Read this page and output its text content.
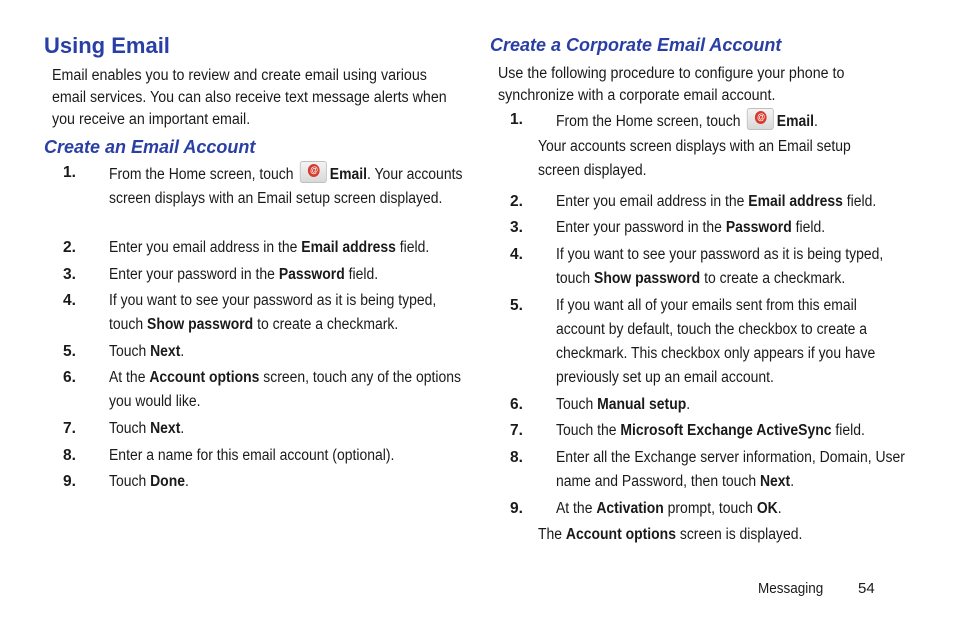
Using Email

Email enables you to review and create email using various email services. You can also receive text message alerts when you receive an important email.

Create an Email Account
1. From the Home screen, touch @Email. Your accounts screen displays with an Email setup screen displayed.
2. Enter you email address in the Email address field.
3. Enter your password in the Password field.
4. If you want to see your password as it is being typed, touch Show password to create a checkmark.
5. Touch Next.
6. At the Account options screen, touch any of the options you would like.
7. Touch Next.
8. Enter a name for this email account (optional).
9. Touch Done.
Create a Corporate Email Account

Use the following procedure to configure your phone to synchronize with a corporate email account.

1. From the Home screen, touch @Email.
Your accounts screen displays with an Email setup screen displayed.
2. Enter you email address in the Email address field.
3. Enter your password in the Password field.
4. If you want to see your password as it is being typed, touch Show password to create a checkmark.
5. If you want all of your emails sent from this email account by default, touch the checkbox to create a checkmark. This checkbox only appears if you have previously set up an email account.
6. Touch Manual setup.
7. Touch the Microsoft Exchange ActiveSync field.
8. Enter all the Exchange server information, Domain, User name and Password, then touch Next.
9. At the Activation prompt, touch OK.
The Account options screen is displayed.
Messaging 54
